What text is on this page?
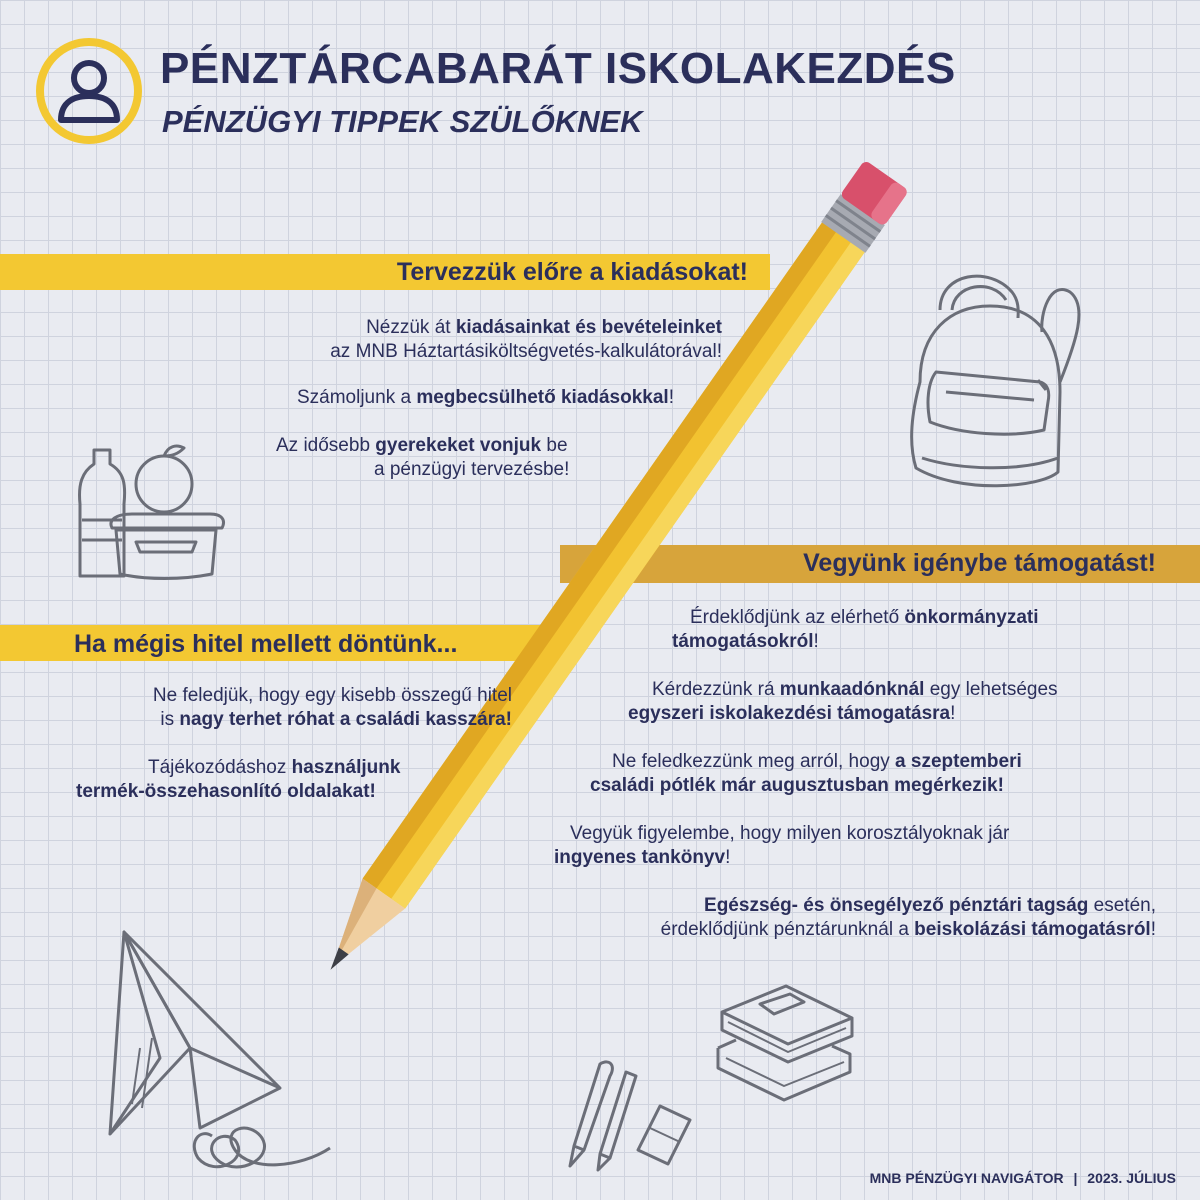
PÉNZTÁRCABARÁT ISKOLAKEZDÉS
PÉNZÜGYI TIPPEK SZÜLŐKNEK
Tervezzük előre a kiadásokat!
Nézzük át kiadásainkat és bevételeinket
az MNB Háztartásiköltségvetés-kalkulátorával!
Számoljunk a megbecsülhető kiadásokkal!
Az idősebb gyerekeket vonjuk be
a pénzügyi tervezésbe!
Vegyünk igénybe támogatást!
Érdeklődjünk az elérhető önkormányzati
támogatásokról!
Kérdezzünk rá munkaadónknál egy lehetséges
egyszeri iskolakezdési támogatásra!
Ne feledkezzünk meg arról, hogy a szeptemberi
családi pótlék már augusztusban megérkezik!
Vegyük figyelembe, hogy milyen korosztályoknak jár
ingyenes tankönyv!
Egészség- és önsegélyező pénztári tagság esetén,
érdeklődjünk pénztárunknál a beiskolázási támogatásról!
Ha mégis hitel mellett döntünk...
Ne feledjük, hogy egy kisebb összegű hitel
is nagy terhet róhat a családi kasszára!
Tájékozódáshoz használjunk
termék-összehasonlító oldalakat!
MNB PÉNZÜGYI NAVIGÁTOR | 2023. JÚLIUS
